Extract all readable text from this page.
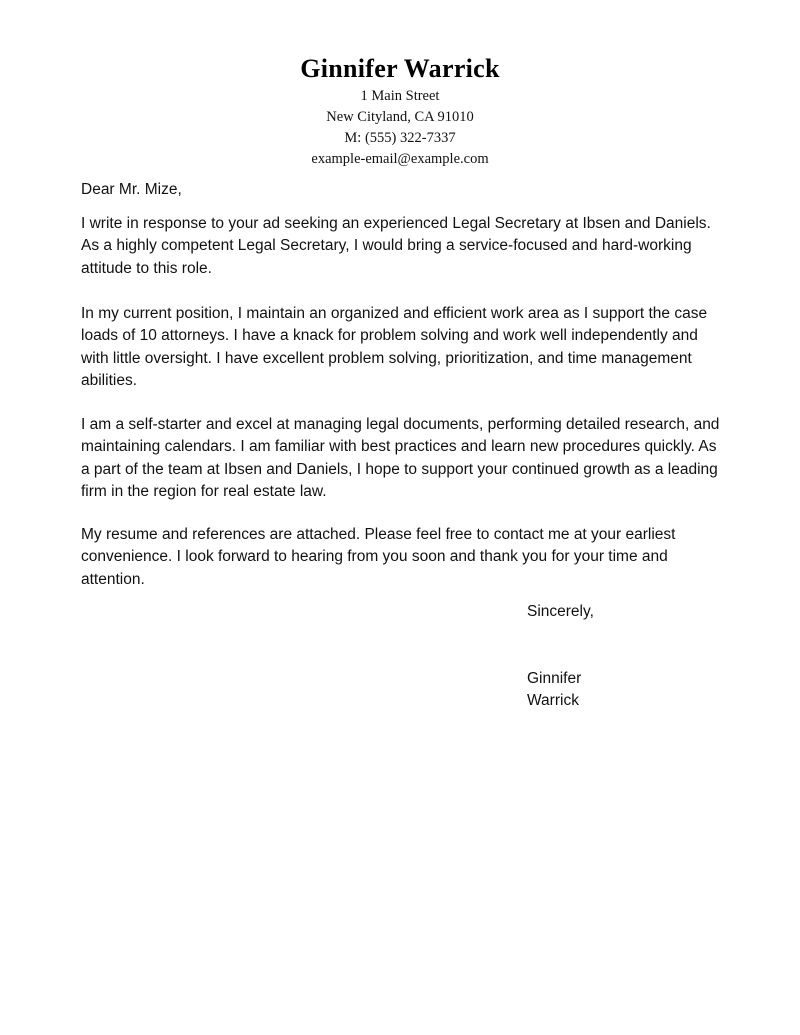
Ginnifer Warrick
1 Main Street
New Cityland, CA 91010
M: (555) 322-7337
example-email@example.com
Dear Mr. Mize,
I write in response to your ad seeking an experienced Legal Secretary at Ibsen and Daniels. As a highly competent Legal Secretary, I would bring a service-focused and hard-working attitude to this role.
In my current position, I maintain an organized and efficient work area as I support the case loads of 10 attorneys. I have a knack for problem solving and work well independently and with little oversight. I have excellent problem solving, prioritization, and time management abilities.
I am a self-starter and excel at managing legal documents, performing detailed research, and maintaining calendars. I am familiar with best practices and learn new procedures quickly. As a part of the team at Ibsen and Daniels, I hope to support your continued growth as a leading firm in the region for real estate law.
My resume and references are attached. Please feel free to contact me at your earliest convenience. I look forward to hearing from you soon and thank you for your time and attention.
Sincerely,
Ginnifer
Warrick
